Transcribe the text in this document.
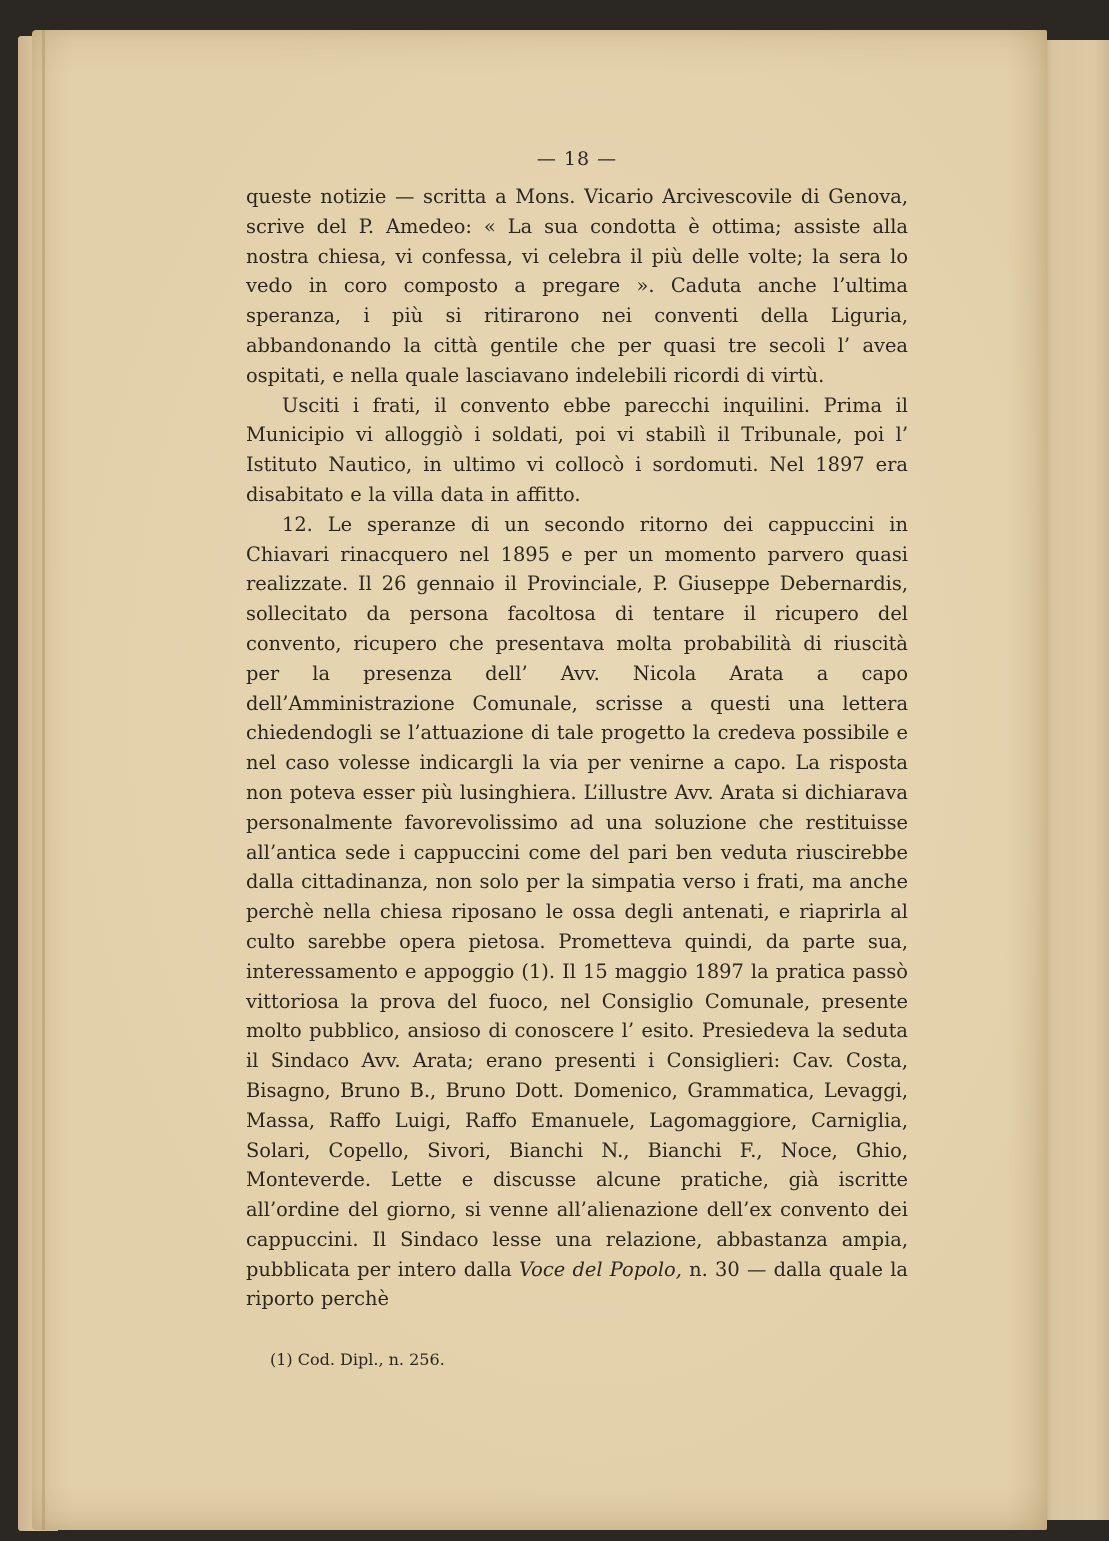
— 18 —

queste notizie — scritta a Mons. Vicario Arcivescovile di Genova, scrive del P. Amedeo: « La sua condotta è ottima; assiste alla nostra chiesa, vi confessa, vi celebra il più delle volte; la sera lo vedo in coro composto a pregare ». Caduta anche l’ultima speranza, i più si ritirarono nei conventi della Liguria, abbandonando la città gentile che per quasi tre secoli l’ avea ospitati, e nella quale lasciavano indelebili ricordi di virtù.

Usciti i frati, il convento ebbe parecchi inquilini. Prima il Municipio vi alloggiò i soldati, poi vi stabilì il Tribunale, poi l’ Istituto Nautico, in ultimo vi collocò i sordomuti. Nel 1897 era disabitato e la villa data in affitto.

12. Le speranze di un secondo ritorno dei cappuccini in Chiavari rinacquero nel 1895 e per un momento parvero quasi realizzate. Il 26 gennaio il Provinciale, P. Giuseppe Debernardis, sollecitato da persona facoltosa di tentare il ricupero del convento, ricupero che presentava molta probabilità di riuscità per la presenza dell’ Avv. Nicola Arata a capo dell’Amministrazione Comunale, scrisse a questi una lettera chiedendogli se l’attuazione di tale progetto la credeva possibile e nel caso volesse indicargli la via per venirne a capo. La risposta non poteva esser più lusinghiera. L’illustre Avv. Arata si dichiarava personalmente favorevolissimo ad una soluzione che restituisse all’antica sede i cappuccini come del pari ben veduta riuscirebbe dalla cittadinanza, non solo per la simpatia verso i frati, ma anche perchè nella chiesa riposano le ossa degli antenati, e riaprirla al culto sarebbe opera pietosa. Prometteva quindi, da parte sua, interessamento e appoggio (1). Il 15 maggio 1897 la pratica passò vittoriosa la prova del fuoco, nel Consiglio Comunale, presente molto pubblico, ansioso di conoscere l’ esito. Presiedeva la seduta il Sindaco Avv. Arata; erano presenti i Consiglieri: Cav. Costa, Bisagno, Bruno B., Bruno Dott. Domenico, Grammatica, Levaggi, Massa, Raffo Luigi, Raffo Emanuele, Lagomaggiore, Carniglia, Solari, Copello, Sivori, Bianchi N., Bianchi F., Noce, Ghio, Monteverde. Lette e discusse alcune pratiche, già iscritte all’ordine del giorno, si venne all’alienazione dell’ex convento dei cappuccini. Il Sindaco lesse una relazione, abbastanza ampia, pubblicata per intero dalla Voce del Popolo, n. 30 — dalla quale la riporto perchè

(1) Cod. Dipl., n. 256.
